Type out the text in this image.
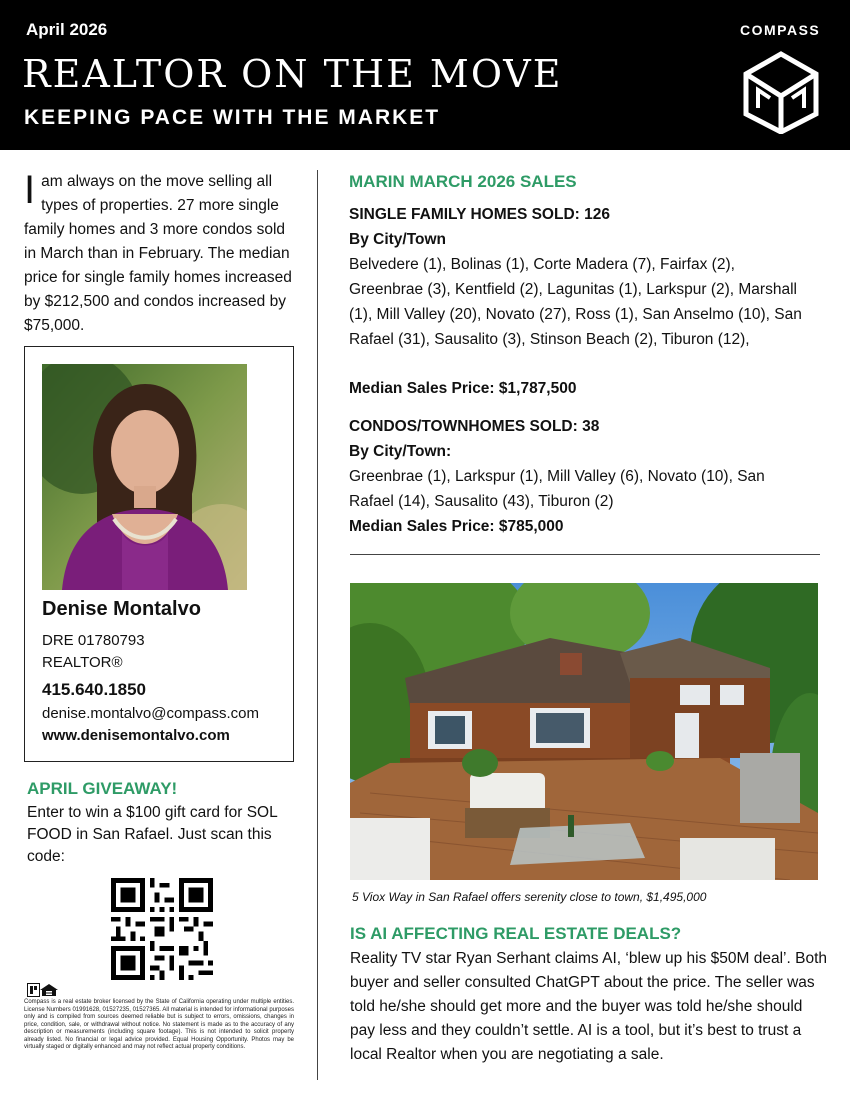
April 2026
REALTOR ON THE MOVE
KEEPING PACE WITH THE MARKET
COMPASS
I am always on the move selling all types of properties. 27 more single family homes and 3 more condos sold in March than in February. The median price for single family homes increased by $212,500 and condos increased by $75,000.
Denise Montalvo
DRE 01780793
REALTOR®
415.640.1850
denise.montalvo@compass.com
www.denisemontalvo.com
APRIL GIVEAWAY!
Enter to win a $100 gift card for SOL FOOD in San Rafael. Just scan this code:
Compass is a real estate broker licensed by the State of California operating under multiple entities. License Numbers 01991628, 01527235, 01527365. All material is intended for informational purposes only and is compiled from sources deemed reliable but is subject to errors, omissions, changes in price, condition, sale, or withdrawal without notice. No statement is made as to the accuracy of any description or measurements (including square footage). This is not intended to solicit property already listed. No financial or legal advice provided. Equal Housing Opportunity. Photos may be virtually staged or digitally enhanced and may not reflect actual property conditions.
MARIN MARCH 2026 SALES
SINGLE FAMILY HOMES SOLD: 126
By City/Town
Belvedere (1), Bolinas (1), Corte Madera (7), Fairfax (2), Greenbrae (3), Kentfield (2), Lagunitas (1), Larkspur (2), Marshall (1), Mill Valley (20), Novato (27), Ross (1), San Anselmo (10), San Rafael (31), Sausalito (3), Stinson Beach (2), Tiburon (12),
Median Sales Price: $1,787,500
CONDOS/TOWNHOMES SOLD: 38
By City/Town:
Greenbrae (1), Larkspur (1), Mill Valley (6), Novato (10), San Rafael (14), Sausalito (43), Tiburon (2)
Median Sales Price: $785,000
5 Viox Way in San Rafael offers serenity close to town, $1,495,000
IS AI AFFECTING REAL ESTATE DEALS?
Reality TV star Ryan Serhant claims AI, ‘blew up his $50M deal’. Both buyer and seller consulted ChatGPT about the price. The seller was told he/she should get more and the buyer was told he/she should pay less and they couldn’t settle. AI is a tool, but it’s best to trust a local Realtor when you are negotiating a sale.
